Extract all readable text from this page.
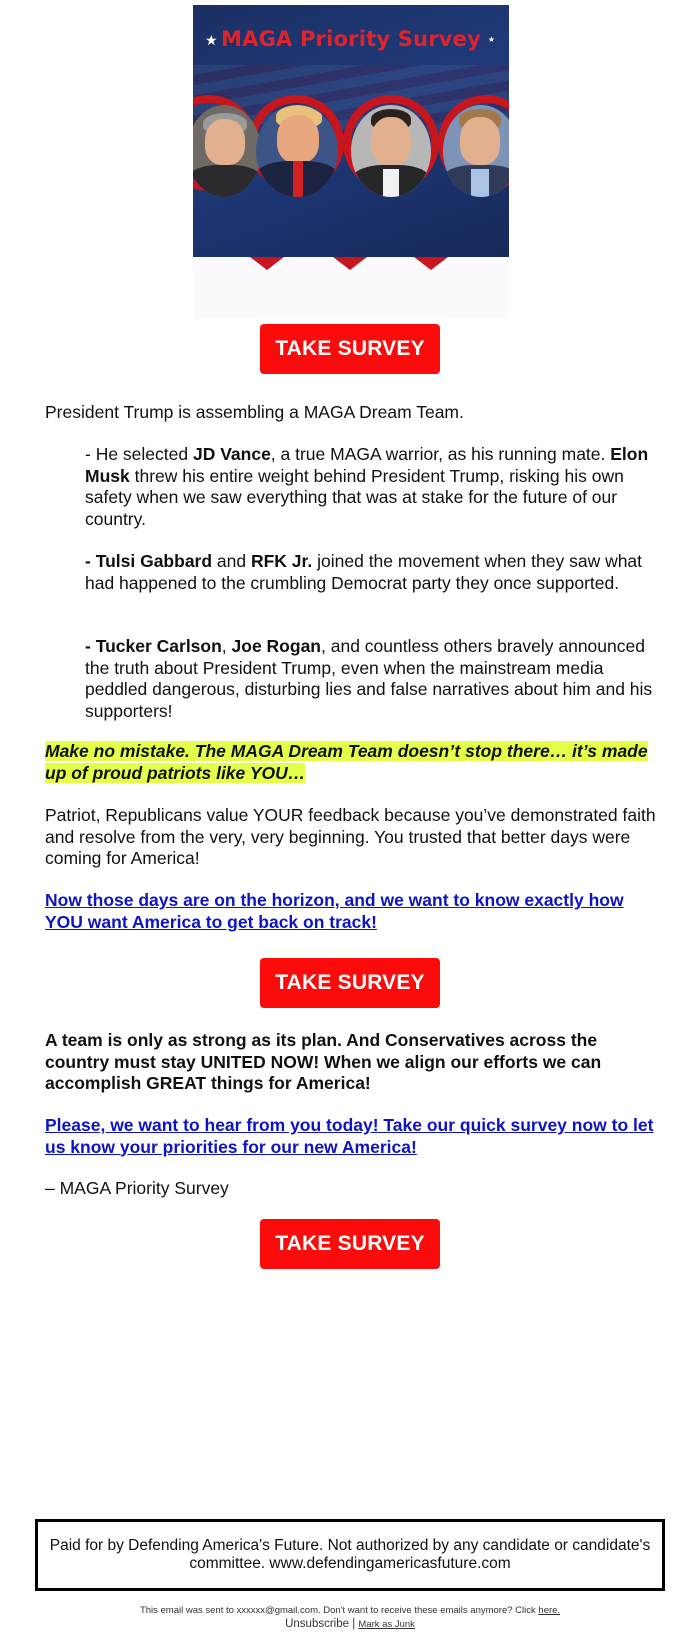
★	★
MAGA Priority Survey
TAKE SURVEY
President Trump is assembling a MAGA Dream Team.
- He selected JD Vance, a true MAGA warrior, as his running mate. Elon Musk threw his entire weight behind President Trump, risking his own safety when we saw everything that was at stake for the future of our country.
- Tulsi Gabbard and RFK Jr. joined the movement when they saw what had happened to the crumbling Democrat party they once supported.
- Tucker Carlson, Joe Rogan, and countless others bravely announced the truth about President Trump, even when the mainstream media peddled dangerous, disturbing lies and false narratives about him and his supporters!
Make no mistake. The MAGA Dream Team doesn’t stop there… it’s made up of proud patriots like YOU…
Patriot, Republicans value YOUR feedback because you’ve demonstrated faith and resolve from the very, very beginning. You trusted that better days were coming for America!
Now those days are on the horizon, and we want to know exactly how YOU want America to get back on track!
TAKE SURVEY
A team is only as strong as its plan. And Conservatives across the country must stay UNITED NOW! When we align our efforts we can accomplish GREAT things for America!
Please, we want to hear from you today! Take our quick survey now to let us know your priorities for our new America!
– MAGA Priority Survey
TAKE SURVEY
Paid for by Defending America's Future. Not authorized by any candidate or candidate's committee. www.defendingamericasfuture.com
This email was sent to xxxxxx@gmail.com. Don't want to receive these emails anymore? Click here.
Unsubscribe | Mark as Junk
